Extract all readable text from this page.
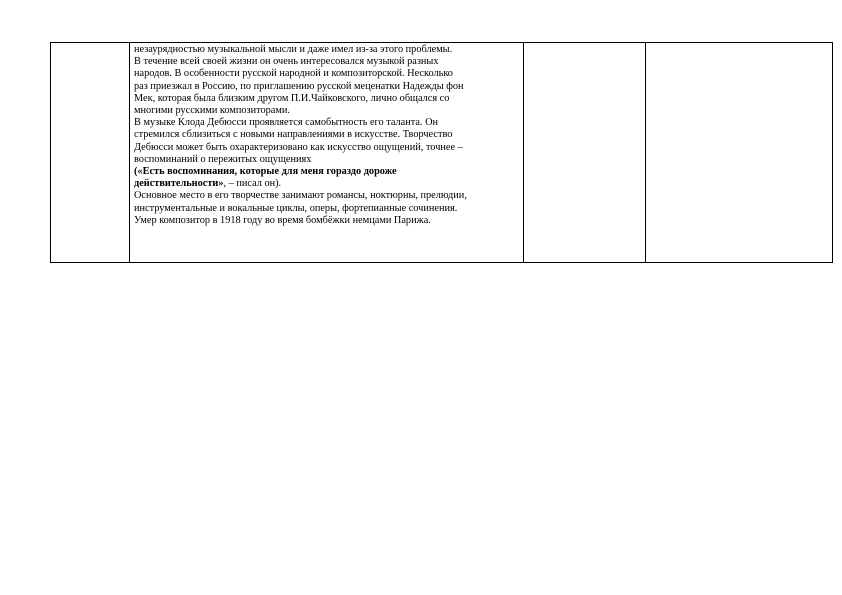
незаурядностью музыкальной мысли и даже имел из-за этого проблемы.
В течение всей своей жизни он очень интересовался музыкой разных
народов. В особенности русской народной и композиторской. Несколько
раз приезжал в Россию, по приглашению русской меценатки Надежды фон
Мек, которая была близким другом П.И.Чайковского, лично общался со
многими русскими композиторами.
В музыке Клода Дебюсси проявляется самобытность его таланта. Он
стремился сблизиться с новыми направлениями в искусстве. Творчество
Дебюсси может быть охарактеризовано как искусство ощущений, точнее –
воспоминаний о пережитых ощущениях
(«Есть воспоминания, которые для меня гораздо дороже
действительности», – писал он).
Основное место в его творчестве занимают романсы, ноктюрны, прелюдии,
инструментальные и вокальные циклы, оперы, фортепианные сочинения.
Умер композитор в 1918 году во время бомбёжки немцами Парижа.
